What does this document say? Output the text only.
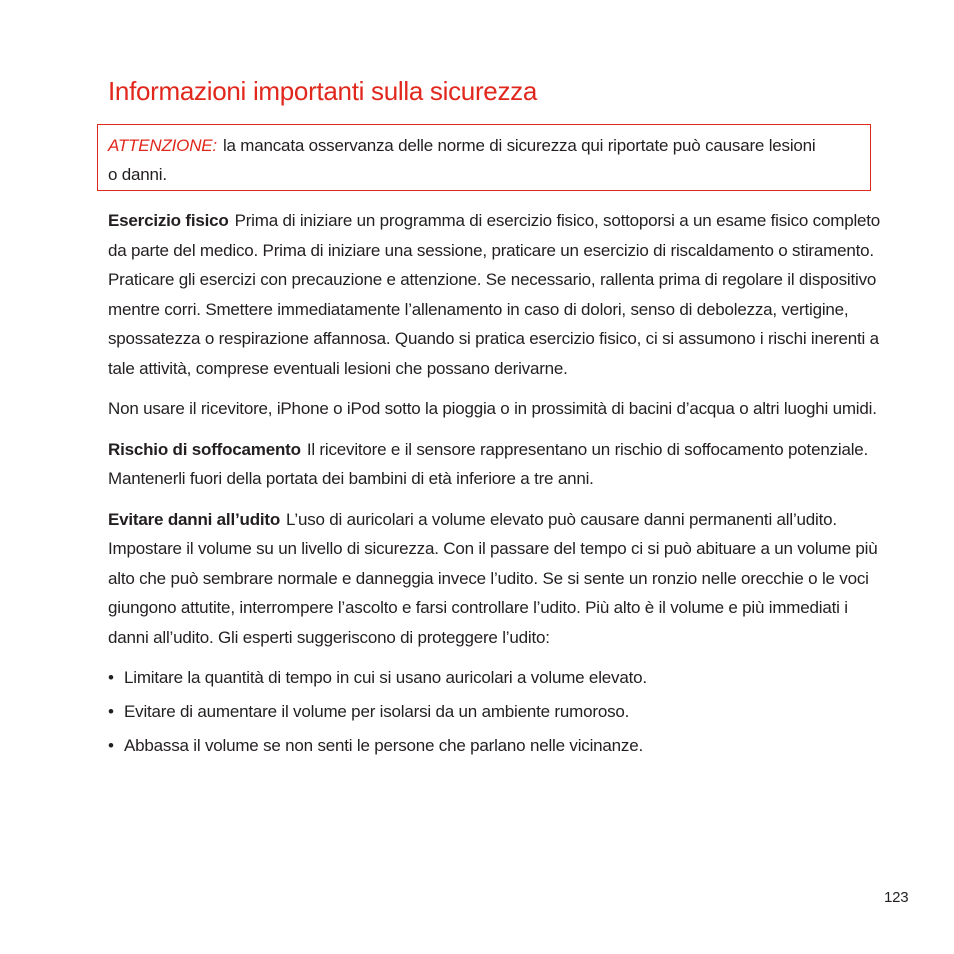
Informazioni importanti sulla sicurezza
ATTENZIONE: la mancata osservanza delle norme di sicurezza qui riportate può causare lesioni o danni.

Esercizio fisico Prima di iniziare un programma di esercizio fisico, sottoporsi a un esame fisico completo da parte del medico. Prima di iniziare una sessione, praticare un esercizio di riscaldamento o stiramento. Praticare gli esercizi con precauzione e attenzione. Se necessario, rallenta prima di regolare il dispositivo mentre corri. Smettere immediatamente l’allenamento in caso di dolori, senso di debolezza, vertigine, spossatezza o respirazione affannosa. Quando si pratica esercizio fisico, ci si assumono i rischi inerenti a tale attività, comprese eventuali lesioni che possano derivarne.

Non usare il ricevitore, iPhone o iPod sotto la pioggia o in prossimità di bacini d’acqua o altri luoghi umidi.

Rischio di soffocamento Il ricevitore e il sensore rappresentano un rischio di soffocamento potenziale. Mantenerli fuori della portata dei bambini di età inferiore a tre anni.

Evitare danni all’udito L’uso di auricolari a volume elevato può causare danni permanenti all’udito. Impostare il volume su un livello di sicurezza. Con il passare del tempo ci si può abituare a un volume più alto che può sembrare normale e danneggia invece l’udito. Se si sente un ronzio nelle orecchie o le voci giungono attutite, interrompere l’ascolto e farsi controllare l’udito. Più alto è il volume e più immediati i danni all’udito. Gli esperti suggeriscono di proteggere l’udito:

• Limitare la quantità di tempo in cui si usano auricolari a volume elevato.
• Evitare di aumentare il volume per isolarsi da un ambiente rumoroso.
• Abbassa il volume se non senti le persone che parlano nelle vicinanze.
123
